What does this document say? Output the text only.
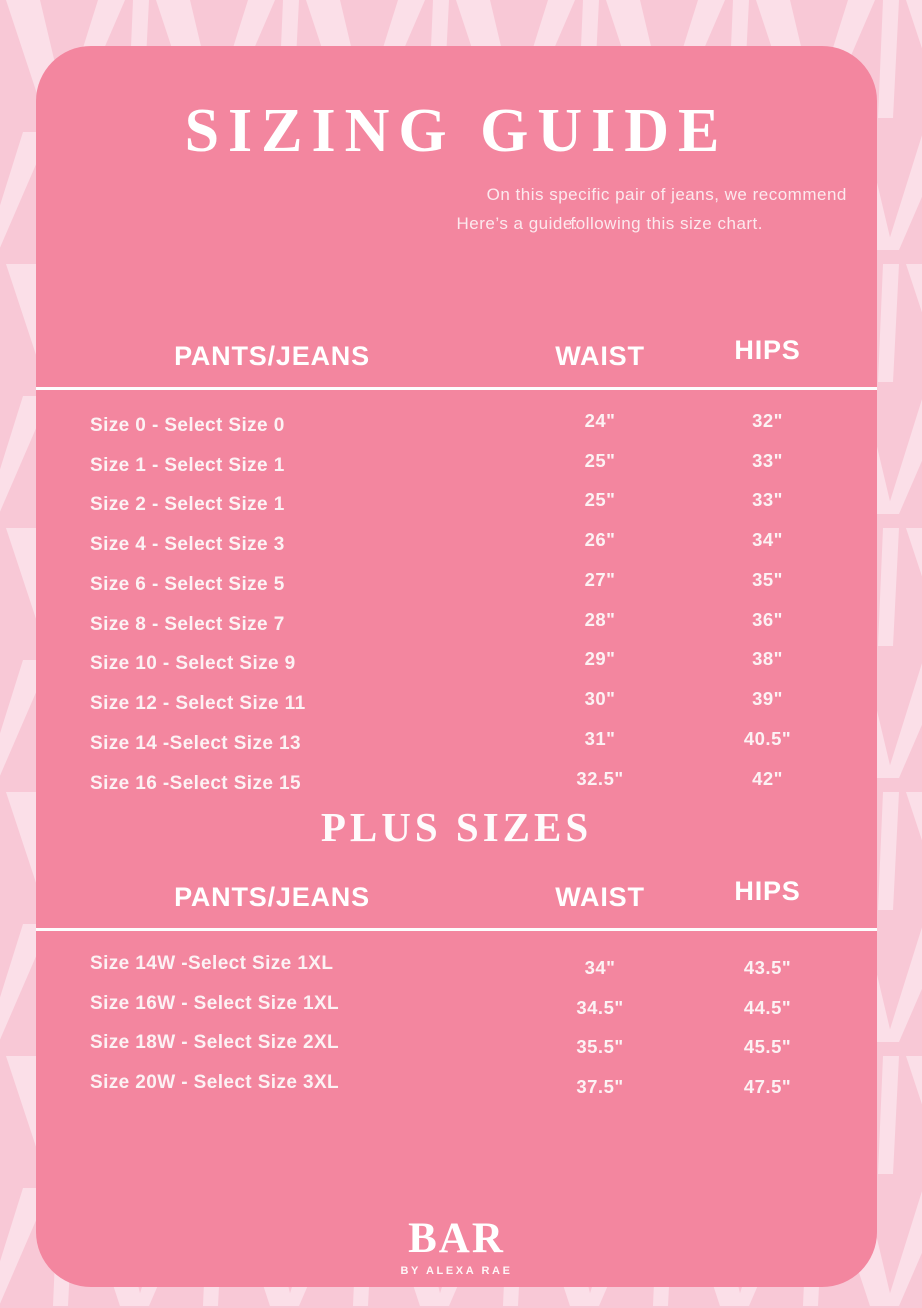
SIZING GUIDE

On this specific pair of jeans, we recommend following this size chart.

Here’s a guide:

PANTS/JEANS	WAIST	HIPS
Size 0 - Select Size 0	24"	32"
Size 1 - Select Size 1	25"	33"
Size 2 - Select Size 1	25"	33"
Size 4 - Select Size 3	26"	34"
Size 6 - Select Size 5	27"	35"
Size 8 - Select Size 7	28"	36"
Size 10 - Select Size 9	29"	38"
Size 12 - Select Size 11	30"	39"
Size 14 -Select Size 13	31"	40.5"
Size 16 -Select Size 15	32.5"	42"
PLUS SIZES
PANTS/JEANS	WAIST	HIPS
Size 14W -Select Size 1XL	34"	43.5"
Size 16W - Select Size 1XL	34.5"	44.5"
Size 18W - Select Size 2XL	35.5"	45.5"
Size 20W - Select Size 3XL	37.5"	47.5"
BAR
BY ALEXA RAE
